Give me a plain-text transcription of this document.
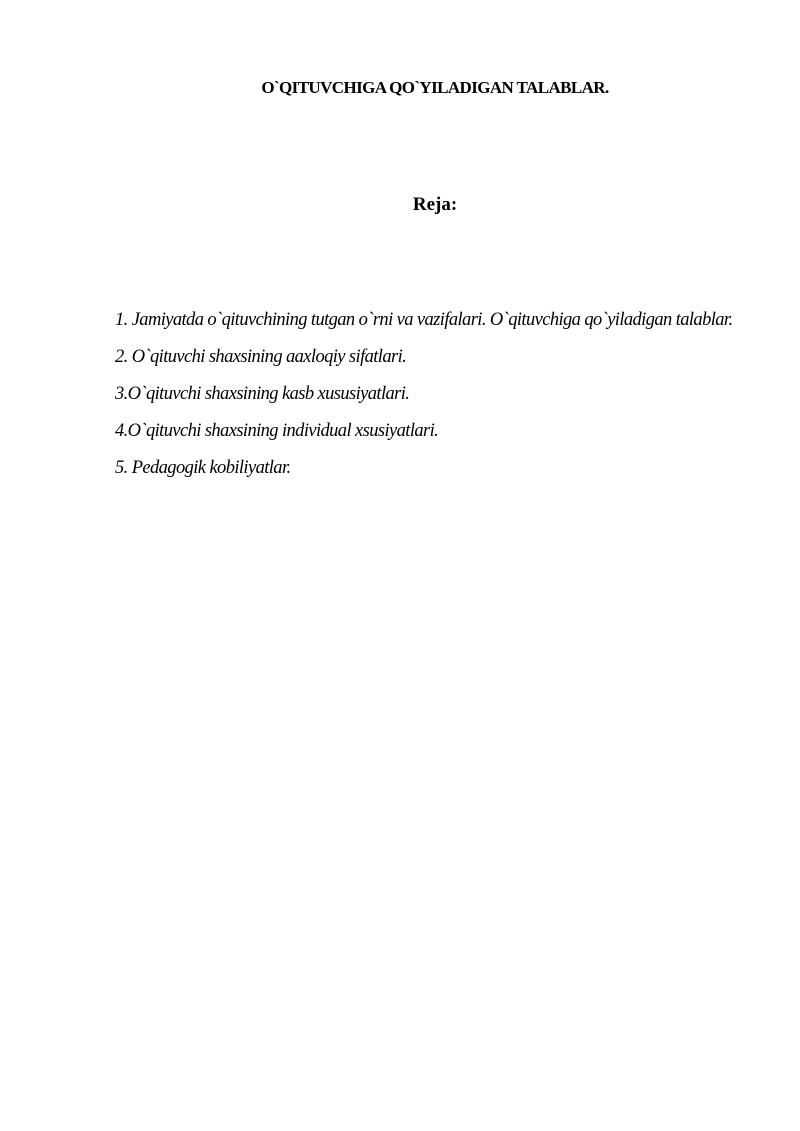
O`QITUVCHIGA QO`YILADIGAN TALABLAR.
Reja:
1. Jamiyatda o`qituvchining tutgan o`rni va vazifalari. O`qituvchiga qo`yiladigan talablar.
2. O`qituvchi shaxsining aaxloqiy sifatlari.
3.O`qituvchi shaxsining kasb xususiyatlari.
4.O`qituvchi shaxsining individual xsusiyatlari.
5. Pedagogik kobiliyatlar.
